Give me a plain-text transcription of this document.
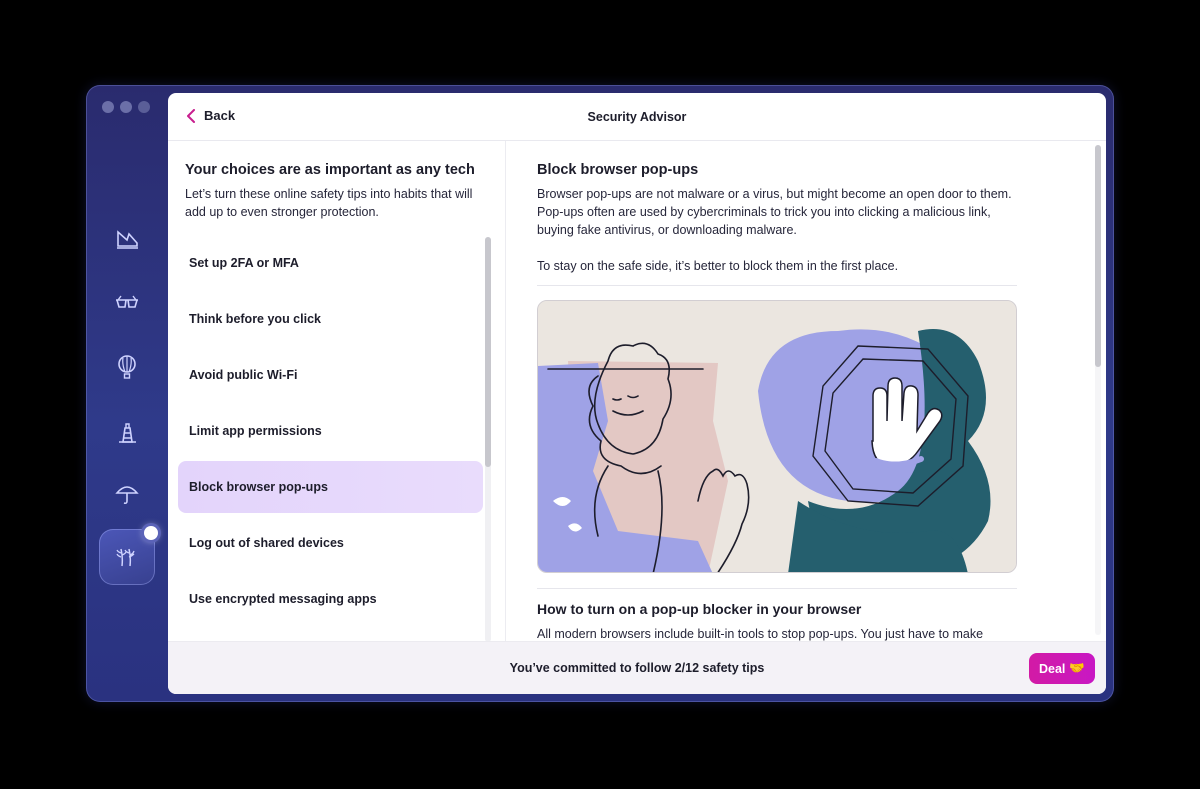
Back	Security Advisor
Your choices are as important as any tech
Let’s turn these online safety tips into habits that will add up to even stronger protection.
Set up 2FA or MFA
Think before you click
Avoid public Wi-Fi
Limit app permissions
Block browser pop-ups
Log out of shared devices
Use encrypted messaging apps
Block browser pop-ups

Browser pop-ups are not malware or a virus, but might become an open door to them. Pop-ups often are used by cybercriminals to trick you into clicking a malicious link, buying fake antivirus, or downloading malware.

To stay on the safe side, it’s better to block them in the first place.

How to turn on a pop-up blocker in your browser

All modern browsers include built-in tools to stop pop-ups. You just have to make

You’ve committed to follow 2/12 safety tips	Deal 🤝
